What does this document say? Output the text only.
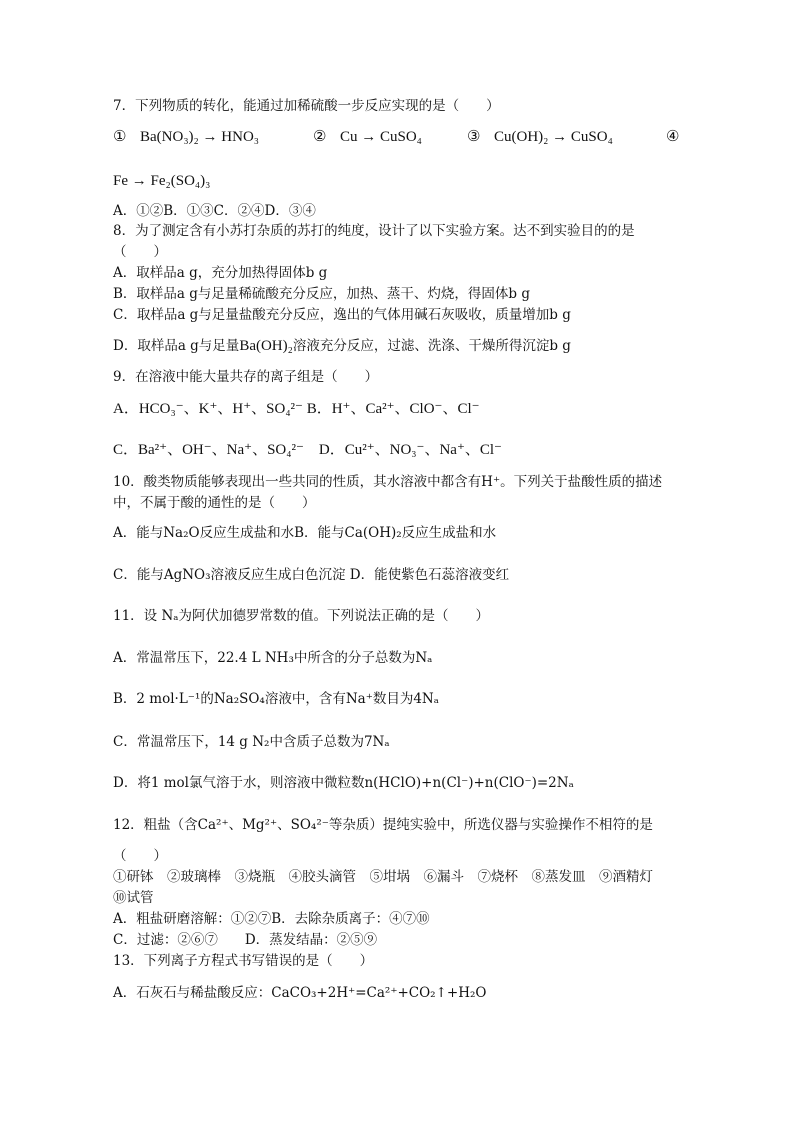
7．下列物质的转化，能通过加稀硫酸一步反应实现的是（　　）
① Ba(NO₃)₂ → HNO₃	② Cu → CuSO₄	③ Cu(OH)₂ → CuSO₄	④
Fe → Fe₂(SO₄)₃
A．①②B．①③C．②④D．③④
8．为了测定含有小苏打杂质的苏打的纯度，设计了以下实验方案。达不到实验目的的是
（　　）
A．取样品a g，充分加热得固体b g
B．取样品a g与足量稀硫酸充分反应，加热、蒸干、灼烧，得固体b g
C．取样品a g与足量盐酸充分反应，逸出的气体用碱石灰吸收，质量增加b g
D．取样品a g与足量Ba(OH)₂溶液充分反应，过滤、洗涤、干燥所得沉淀b g
9．在溶液中能大量共存的离子组是（　　）
A．HCO₃⁻、K⁺、H⁺、SO₄²⁻ B．H⁺、Ca²⁺、ClO⁻、Cl⁻
C．Ba²⁺、OH⁻、Na⁺、SO₄²⁻　D．Cu²⁺、NO₃⁻、Na⁺、Cl⁻
10．酸类物质能够表现出一些共同的性质，其水溶液中都含有H⁺。下列关于盐酸性质的描述
中，不属于酸的通性的是（　　）
A．能与Na₂O反应生成盐和水B．能与Ca(OH)₂反应生成盐和水
C．能与AgNO₃溶液反应生成白色沉淀 D．能使紫色石蕊溶液变红
11．设 Nₐ为阿伏加德罗常数的值。下列说法正确的是（　　）
A．常温常压下，22.4 L NH₃中所含的分子总数为Nₐ
B．2 mol·L⁻¹的Na₂SO₄溶液中，含有Na⁺数目为4Nₐ
C．常温常压下，14 g N₂中含质子总数为7Nₐ
D．将1 mol氯气溶于水，则溶液中微粒数n(HClO)+n(Cl⁻)+n(ClO⁻)=2Nₐ
12．粗盐（含Ca²⁺、Mg²⁺、SO₄²⁻等杂质）提纯实验中，所选仪器与实验操作不相符的是
（　　）
①研钵　②玻璃棒　③烧瓶　④胶头滴管　⑤坩埚　⑥漏斗　⑦烧杯　⑧蒸发皿　⑨酒精灯
⑩试管
A．粗盐研磨溶解：①②⑦B．去除杂质离子：④⑦⑩
C．过滤：②⑥⑦　　D．蒸发结晶：②⑤⑨
13．下列离子方程式书写错误的是（　　）
A．石灰石与稀盐酸反应：CaCO₃+2H⁺=Ca²⁺+CO₂↑+H₂O
